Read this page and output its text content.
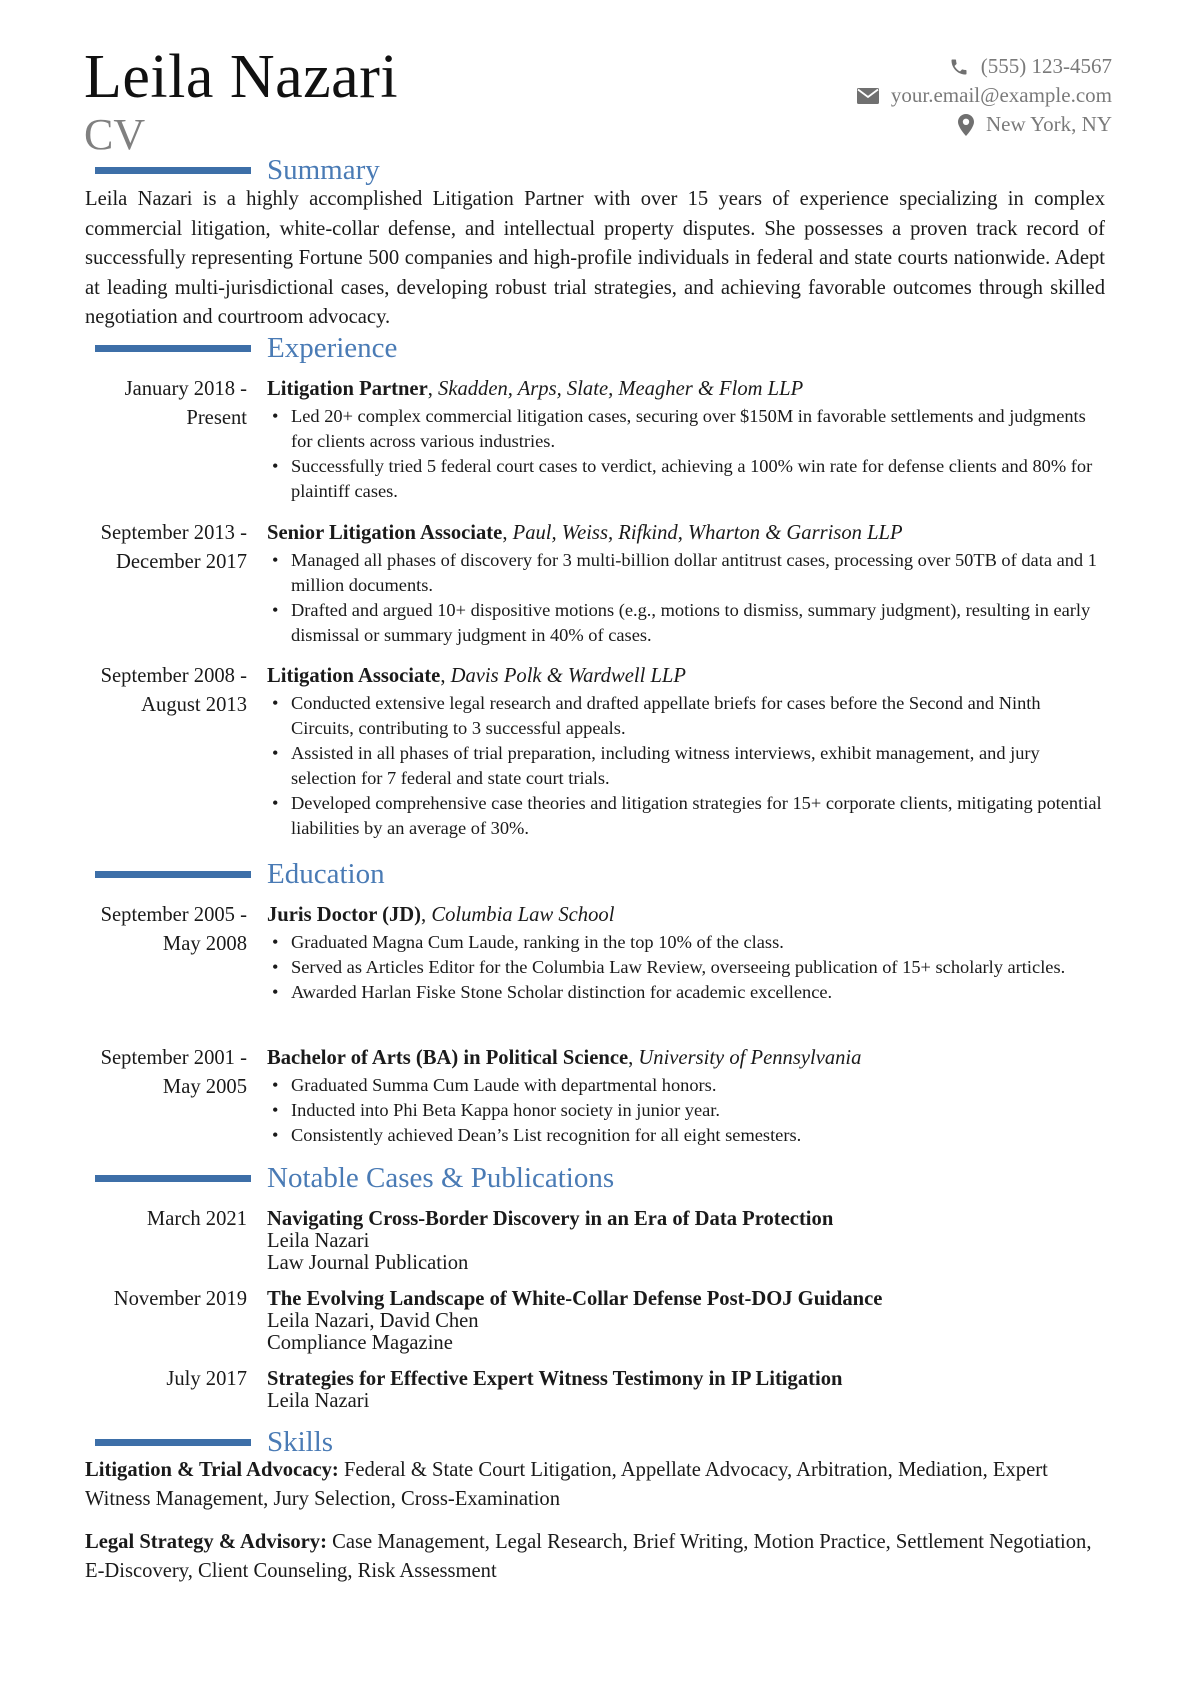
Leila Nazari
CV
(555) 123-4567
your.email@example.com
New York, NY
Summary
Leila Nazari is a highly accomplished Litigation Partner with over 15 years of experience specializing in complex commercial litigation, white-collar defense, and intellectual property disputes. She possesses a proven track record of successfully representing Fortune 500 companies and high-profile individuals in federal and state courts nationwide. Adept at leading multi-jurisdictional cases, developing robust trial strategies, and achieving favorable outcomes through skilled negotiation and courtroom advocacy.
Experience
January 2018 - Present
Litigation Partner, Skadden, Arps, Slate, Meagher & Flom LLP
• Led 20+ complex commercial litigation cases, securing over $150M in favorable settlements and judgments for clients across various industries.
• Successfully tried 5 federal court cases to verdict, achieving a 100% win rate for defense clients and 80% for plaintiff cases.
September 2013 - December 2017
Senior Litigation Associate, Paul, Weiss, Rifkind, Wharton & Garrison LLP
• Managed all phases of discovery for 3 multi-billion dollar antitrust cases, processing over 50TB of data and 1 million documents.
• Drafted and argued 10+ dispositive motions (e.g., motions to dismiss, summary judgment), resulting in early dismissal or summary judgment in 40% of cases.
September 2008 - August 2013
Litigation Associate, Davis Polk & Wardwell LLP
• Conducted extensive legal research and drafted appellate briefs for cases before the Second and Ninth Circuits, contributing to 3 successful appeals.
• Assisted in all phases of trial preparation, including witness interviews, exhibit management, and jury selection for 7 federal and state court trials.
• Developed comprehensive case theories and litigation strategies for 15+ corporate clients, mitigating potential liabilities by an average of 30%.
Education
September 2005 - May 2008
Juris Doctor (JD), Columbia Law School
• Graduated Magna Cum Laude, ranking in the top 10% of the class.
• Served as Articles Editor for the Columbia Law Review, overseeing publication of 15+ scholarly articles.
• Awarded Harlan Fiske Stone Scholar distinction for academic excellence.
September 2001 - May 2005
Bachelor of Arts (BA) in Political Science, University of Pennsylvania
• Graduated Summa Cum Laude with departmental honors.
• Inducted into Phi Beta Kappa honor society in junior year.
• Consistently achieved Dean’s List recognition for all eight semesters.
Notable Cases & Publications
March 2021 Navigating Cross-Border Discovery in an Era of Data Protection
Leila Nazari
Law Journal Publication
November 2019 The Evolving Landscape of White-Collar Defense Post-DOJ Guidance
Leila Nazari, David Chen
Compliance Magazine
July 2017 Strategies for Effective Expert Witness Testimony in IP Litigation
Leila Nazari
Skills
Litigation & Trial Advocacy: Federal & State Court Litigation, Appellate Advocacy, Arbitration, Mediation, Expert Witness Management, Jury Selection, Cross-Examination
Legal Strategy & Advisory: Case Management, Legal Research, Brief Writing, Motion Practice, Settlement Negotiation, E-Discovery, Client Counseling, Risk Assessment
